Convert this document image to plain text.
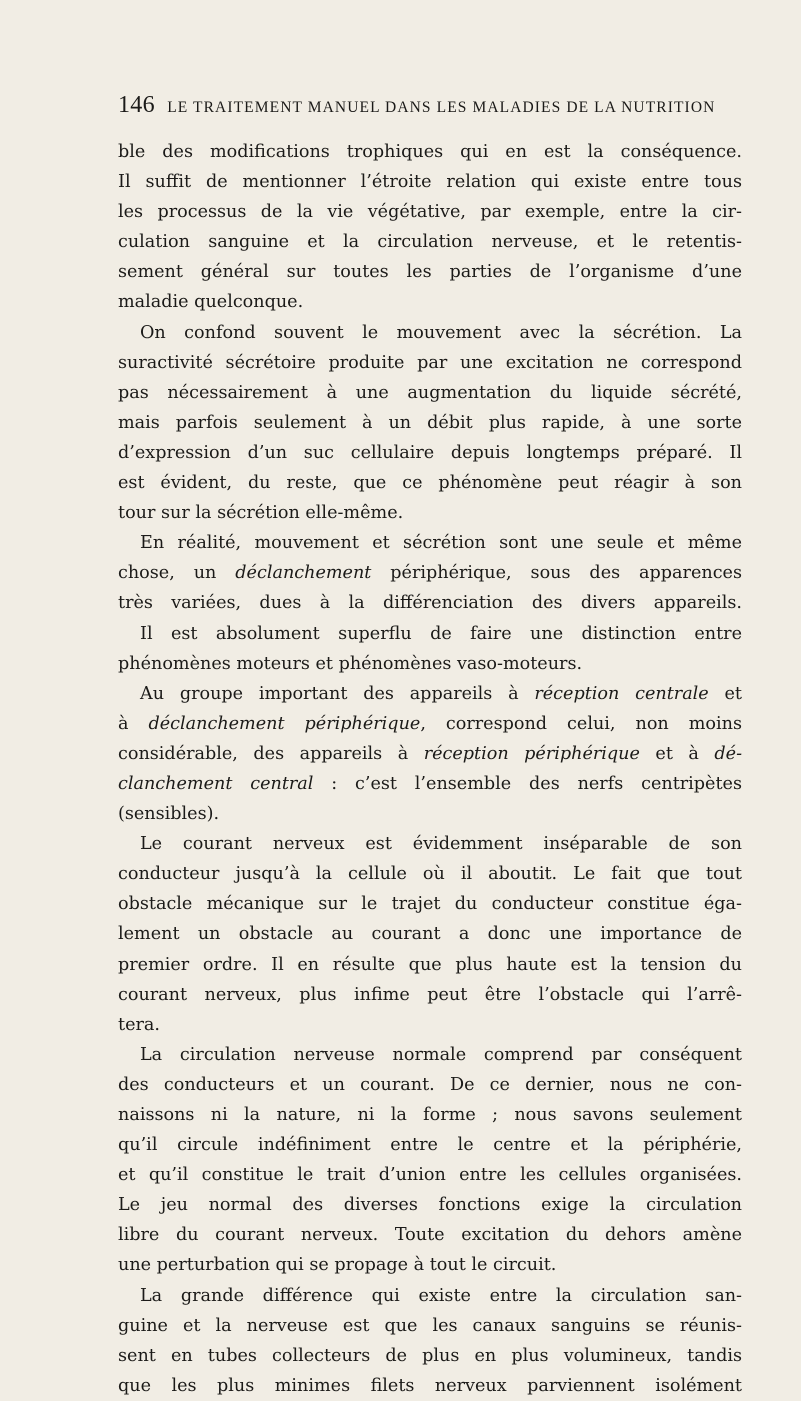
146 LE TRAITEMENT MANUEL DANS LES MALADIES DE LA NUTRITION
ble des modifications trophiques qui en est la conséquence.
Il suffit de mentionner l’étroite relation qui existe entre tous
les processus de la vie végétative, par exemple, entre la cir-
culation sanguine et la circulation nerveuse, et le retentis-
sement général sur toutes les parties de l’organisme d’une
maladie quelconque.
On confond souvent le mouvement avec la sécrétion. La
suractivité sécrétoire produite par une excitation ne correspond
pas nécessairement à une augmentation du liquide sécrété,
mais parfois seulement à un débit plus rapide, à une sorte
d’expression d’un suc cellulaire depuis longtemps préparé. Il
est évident, du reste, que ce phénomène peut réagir à son
tour sur la sécrétion elle-même.
En réalité, mouvement et sécrétion sont une seule et même
chose, un déclanchement périphérique, sous des apparences
très variées, dues à la différenciation des divers appareils.
Il est absolument superflu de faire une distinction entre
phénomènes moteurs et phénomènes vaso-moteurs.
Au groupe important des appareils à réception centrale et
à déclanchement périphérique, correspond celui, non moins
considérable, des appareils à réception périphérique et à dé-
clanchement central : c’est l’ensemble des nerfs centripètes
(sensibles).
Le courant nerveux est évidemment inséparable de son
conducteur jusqu’à la cellule où il aboutit. Le fait que tout
obstacle mécanique sur le trajet du conducteur constitue éga-
lement un obstacle au courant a donc une importance de
premier ordre. Il en résulte que plus haute est la tension du
courant nerveux, plus infime peut être l’obstacle qui l’arrê-
tera.
La circulation nerveuse normale comprend par conséquent
des conducteurs et un courant. De ce dernier, nous ne con-
naissons ni la nature, ni la forme ; nous savons seulement
qu’il circule indéfiniment entre le centre et la périphérie,
et qu’il constitue le trait d’union entre les cellules organisées.
Le jeu normal des diverses fonctions exige la circulation
libre du courant nerveux. Toute excitation du dehors amène
une perturbation qui se propage à tout le circuit.
La grande différence qui existe entre la circulation san-
guine et la nerveuse est que les canaux sanguins se réunis-
sent en tubes collecteurs de plus en plus volumineux, tandis
que les plus minimes filets nerveux parviennent isolément
